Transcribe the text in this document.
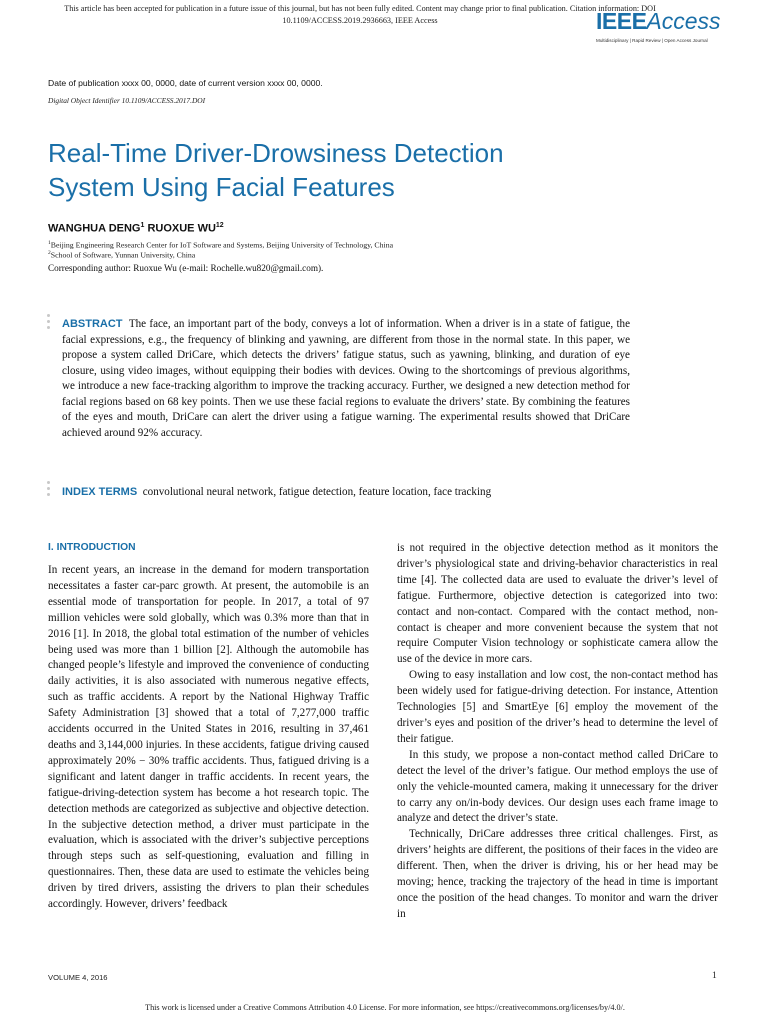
This article has been accepted for publication in a future issue of this journal, but has not been fully edited. Content may change prior to final publication. Citation information: DOI
10.1109/ACCESS.2019.2936663, IEEE Access	IEEEAccess
Multidisciplinary | Rapid Review | Open Access Journal
Date of publication xxxx 00, 0000, date of current version xxxx 00, 0000.
Digital Object Identifier 10.1109/ACCESS.2017.DOI
Real-Time Driver-Drowsiness Detection
System Using Facial Features
WANGHUA DENG$^1$ RUOXUE WU$^{12}$
$^1$Beijing Engineering Research Center for IoT Software and Systems, Beijing University of Technology, China
$^2$School of Software, Yunnan University, China
Corresponding author: Ruoxue Wu (e-mail: Rochelle.wu820@gmail.com).

ABSTRACT The face, an important part of the body, conveys a lot of information. When a driver is in a state of fatigue, the facial expressions, e.g., the frequency of blinking and yawning, are different from those in the normal state. In this paper, we propose a system called DriCare, which detects the drivers’ fatigue status, such as yawning, blinking, and duration of eye closure, using video images, without equipping their bodies with devices. Owing to the shortcomings of previous algorithms, we introduce a new face-tracking algorithm to improve the tracking accuracy. Further, we designed a new detection method for facial regions based on 68 key points. Then we use these facial regions to evaluate the drivers’ state. By combining the features of the eyes and mouth, DriCare can alert the driver using a fatigue warning. The experimental results showed that DriCare achieved around 92% accuracy.

INDEX TERMS convolutional neural network, fatigue detection, feature location, face tracking

I. INTRODUCTION

In recent years, an increase in the demand for modern transportation necessitates a faster car-parc growth. At present, the automobile is an essential mode of transportation for people. In 2017, a total of 97 million vehicles were sold globally, which was 0.3% more than that in 2016 [1]. In 2018, the global total estimation of the number of vehicles being used was more than 1 billion [2]. Although the automobile has changed people’s lifestyle and improved the convenience of conducting daily activities, it is also associated with numerous negative effects, such as traffic accidents. A report by the National Highway Traffic Safety Administration [3] showed that a total of 7,277,000 traffic accidents occurred in the United States in 2016, resulting in 37,461 deaths and 3,144,000 injuries. In these accidents, fatigue driving caused approximately 20% − 30% traffic accidents. Thus, fatigued driving is a significant and latent danger in traffic accidents. In recent years, the fatigue-driving-detection system has become a hot research topic. The detection methods are categorized as subjective and objective detection. In the subjective detection method, a driver must participate in the evaluation, which is associated with the driver’s subjective perceptions through steps such as self-questioning, evaluation and filling in questionnaires. Then, these data are used to estimate the vehicles being driven by tired drivers, assisting the drivers to plan their schedules accordingly. However, drivers’ feedback

is not required in the objective detection method as it monitors the driver’s physiological state and driving-behavior characteristics in real time [4]. The collected data are used to evaluate the driver’s level of fatigue. Furthermore, objective detection is categorized into two: contact and non-contact. Compared with the contact method, non-contact is cheaper and more convenient because the system that not require Computer Vision technology or sophisticate camera allow the use of the device in more cars.

Owing to easy installation and low cost, the non-contact method has been widely used for fatigue-driving detection. For instance, Attention Technologies [5] and SmartEye [6] employ the movement of the driver’s eyes and position of the driver’s head to determine the level of their fatigue.

In this study, we propose a non-contact method called DriCare to detect the level of the driver’s fatigue. Our method employs the use of only the vehicle-mounted camera, making it unnecessary for the driver to carry any on/in-body devices. Our design uses each frame image to analyze and detect the driver’s state.

Technically, DriCare addresses three critical challenges. First, as drivers’ heights are different, the positions of their faces in the video are different. Then, when the driver is driving, his or her head may be moving; hence, tracking the trajectory of the head in time is important once the position of the head changes. To monitor and warn the driver in

VOLUME 4, 2016	1
This work is licensed under a Creative Commons Attribution 4.0 License. For more information, see https://creativecommons.org/licenses/by/4.0/.
